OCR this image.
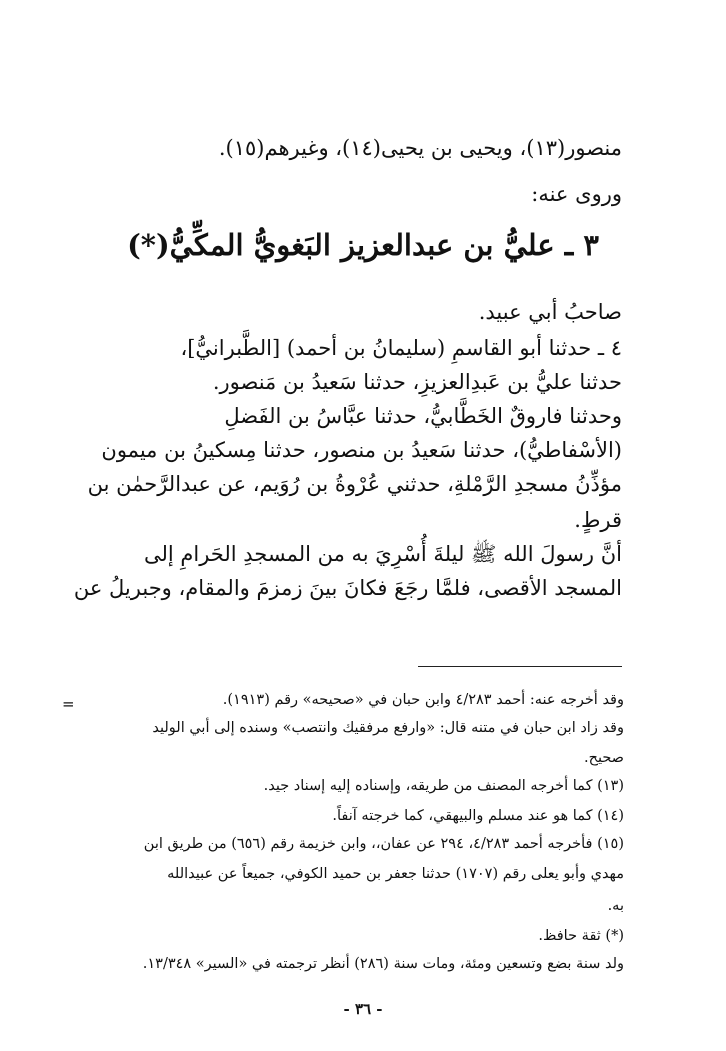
منصور(١٣)، ويحيى بن يحيى(١٤)، وغيرهم(١٥).

وروى عنه:

٣ ـ عليُّ بن عبدالعزيز البَغويُّ المكِّيُّ(*)

صاحبُ أبي عبيد.

٤ ـ حدثنا أبو القاسمِ (سليمانُ بن أحمد) [الطَّبرانيُّ]،

حدثنا عليُّ بن عَبدِالعزيزِ، حدثنا سَعيدُ بن مَنصور.

وحدثنا فاروقٌ الخَطَّابيُّ، حدثنا عبَّاسُ بن الفَضلِ

(الأسْفاطيُّ)، حدثنا سَعيدُ بن منصور، حدثنا مِسكينُ بن ميمون

مؤذِّنُ مسجدِ الرَّمْلةِ، حدثني عُرْوةُ بن رُوَيم، عن عبدالرَّحمٰن بن

قرطٍ.

أنَّ رسولَ الله ﷺ ليلةَ أُسْرِيَ به من المسجدِ الحَرامِ إلى

المسجد الأقصى، فلمَّا رجَعَ فكانَ بينَ زمزمَ والمقام، وجبريلُ عن

=	وقد أخرجه عنه: أحمد ٤/٢٨٣ وابن حبان في «صحيحه» رقم (١٩١٣).

وقد زاد ابن حبان في متنه قال: «وارفع مرفقيك وانتصب» وسنده إلى أبي الوليد

صحيح.

(١٣) كما أخرجه المصنف من طريقه، وإسناده إليه إسناد جيد.

(١٤) كما هو عند مسلم والبيهقي، كما خرجته آنفاً.

(١٥) فأخرجه أحمد ٤/٢٨٣، ٢٩٤ عن عفان،، وابن خزيمة رقم (٦٥٦) من طريق ابن

مهدي وأبو يعلى رقم (١٧٠٧) حدثنا جعفر بن حميد الكوفي، جميعاً عن عبيدالله

به.

(*) ثقة حافظ.

ولد سنة بضع وتسعين ومئة، ومات سنة (٢٨٦) أنظر ترجمته في «السير» ١٣/٣٤٨.

- ٣٦ -
